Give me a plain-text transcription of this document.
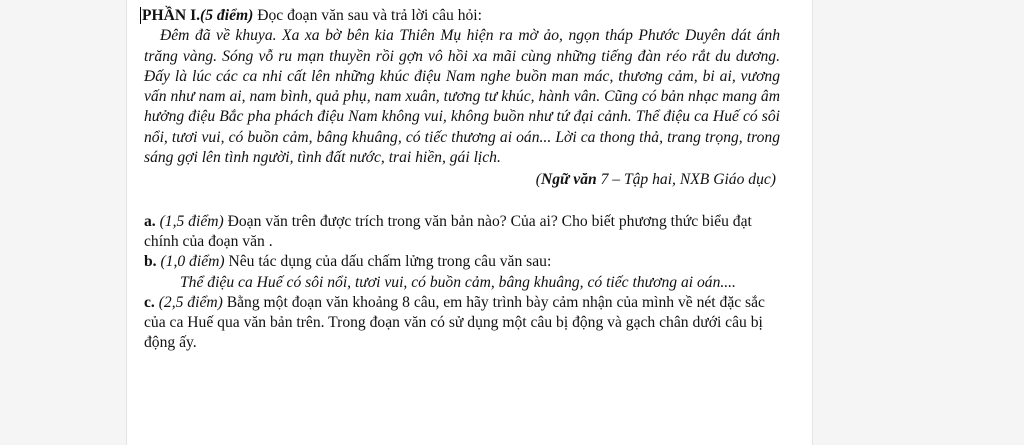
PHẦN I.(5 điểm) Đọc đoạn văn sau và trả lời câu hỏi:

Đêm đã về khuya. Xa xa bờ bên kia Thiên Mụ hiện ra mờ ảo, ngọn tháp Phước Duyên dát ánh trăng vàng. Sóng vỗ ru mạn thuyền rồi gợn vô hồi xa mãi cùng những tiếng đàn réo rắt du dương. Đấy là lúc các ca nhi cất lên những khúc điệu Nam nghe buồn man mác, thương cảm, bi ai, vương vấn như nam ai, nam bình, quả phụ, nam xuân, tương tư khúc, hành vân. Cũng có bản nhạc mang âm hưởng điệu Bắc pha phách điệu Nam không vui, không buồn như tứ đại cảnh. Thể điệu ca Huế có sôi nổi, tươi vui, có buồn cảm, bâng khuâng, có tiếc thương ai oán... Lời ca thong thả, trang trọng, trong sáng gợi lên tình người, tình đất nước, trai hiền, gái lịch.

(Ngữ văn 7 – Tập hai, NXB Giáo dục)

a. (1,5 điểm) Đoạn văn trên được trích trong văn bản nào? Của ai? Cho biết phương thức biểu đạt chính của đoạn văn .

b. (1,0 điểm) Nêu tác dụng của dấu chấm lửng trong câu văn sau:

Thể điệu ca Huế có sôi nổi, tươi vui, có buồn cảm, bâng khuâng, có tiếc thương ai oán....

c. (2,5 điểm) Bằng một đoạn văn khoảng 8 câu, em hãy trình bày cảm nhận của mình về nét đặc sắc của ca Huế qua văn bản trên. Trong đoạn văn có sử dụng một câu bị động và gạch chân dưới câu bị động ấy.
